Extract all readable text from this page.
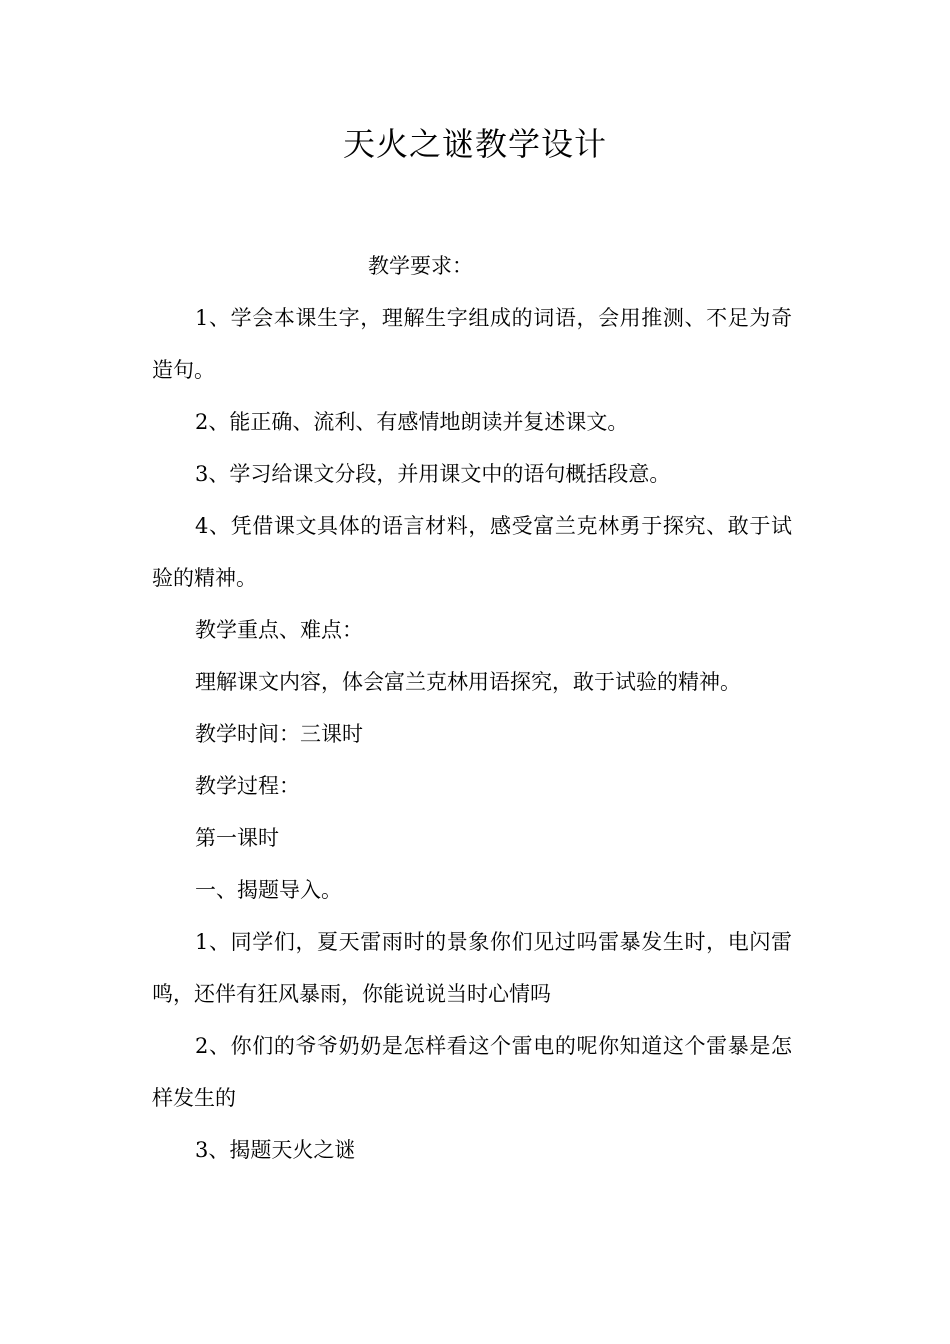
天火之谜教学设计

教学要求：

1、学会本课生字，理解生字组成的词语，会用推测、不足为奇造句。

2、能正确、流利、有感情地朗读并复述课文。

3、学习给课文分段，并用课文中的语句概括段意。

4、凭借课文具体的语言材料，感受富兰克林勇于探究、敢于试验的精神。

教学重点、难点：

理解课文内容，体会富兰克林用语探究，敢于试验的精神。

教学时间：三课时

教学过程：

第一课时

一、揭题导入。

1、同学们，夏天雷雨时的景象你们见过吗雷暴发生时，电闪雷鸣，还伴有狂风暴雨，你能说说当时心情吗

2、你们的爷爷奶奶是怎样看这个雷电的呢你知道这个雷暴是怎样发生的

3、揭题天火之谜
